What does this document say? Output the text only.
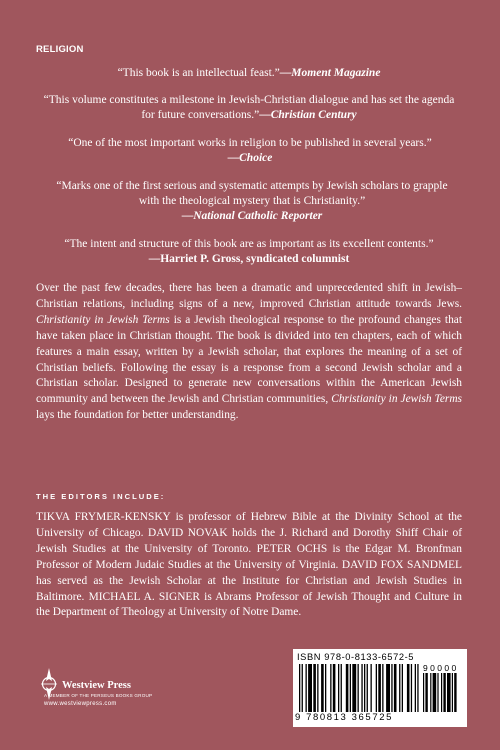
RELIGION
“This book is an intellectual feast.”—Moment Magazine
“This volume constitutes a milestone in Jewish-Christian dialogue and has set the agenda for future conversations.”—Christian Century
“One of the most important works in religion to be published in several years.”
—Choice
“Marks one of the first serious and systematic attempts by Jewish scholars to grapple with the theological mystery that is Christianity.”
—National Catholic Reporter
“The intent and structure of this book are as important as its excellent contents.”
—Harriet P. Gross, syndicated columnist
Over the past few decades, there has been a dramatic and unprecedented shift in Jewish–Christian relations, including signs of a new, improved Christian attitude towards Jews. Christianity in Jewish Terms is a Jewish theological response to the profound changes that have taken place in Christian thought. The book is divided into ten chapters, each of which features a main essay, written by a Jewish scholar, that explores the meaning of a set of Christian beliefs. Following the essay is a response from a second Jewish scholar and a Christian scholar. Designed to generate new conversations within the American Jewish community and between the Jewish and Christian communities, Christianity in Jewish Terms lays the foundation for better understanding.
THE EDITORS INCLUDE:
TIKVA FRYMER-KENSKY is professor of Hebrew Bible at the Divinity School at the University of Chicago. DAVID NOVAK holds the J. Richard and Dorothy Shiff Chair of Jewish Studies at the University of Toronto. PETER OCHS is the Edgar M. Bronfman Professor of Modern Judaic Studies at the University of Virginia. DAVID FOX SANDMEL has served as the Jewish Scholar at the Institute for Christian and Jewish Studies in Baltimore. MICHAEL A. SIGNER is Abrams Professor of Jewish Thought and Culture in the Department of Theology at University of Notre Dame.
Westview Press
A MEMBER OF THE PERSEUS BOOKS GROUP
www.westviewpress.com
ISBN 978-0-8133-6572-5
90000
9 780813 365725
